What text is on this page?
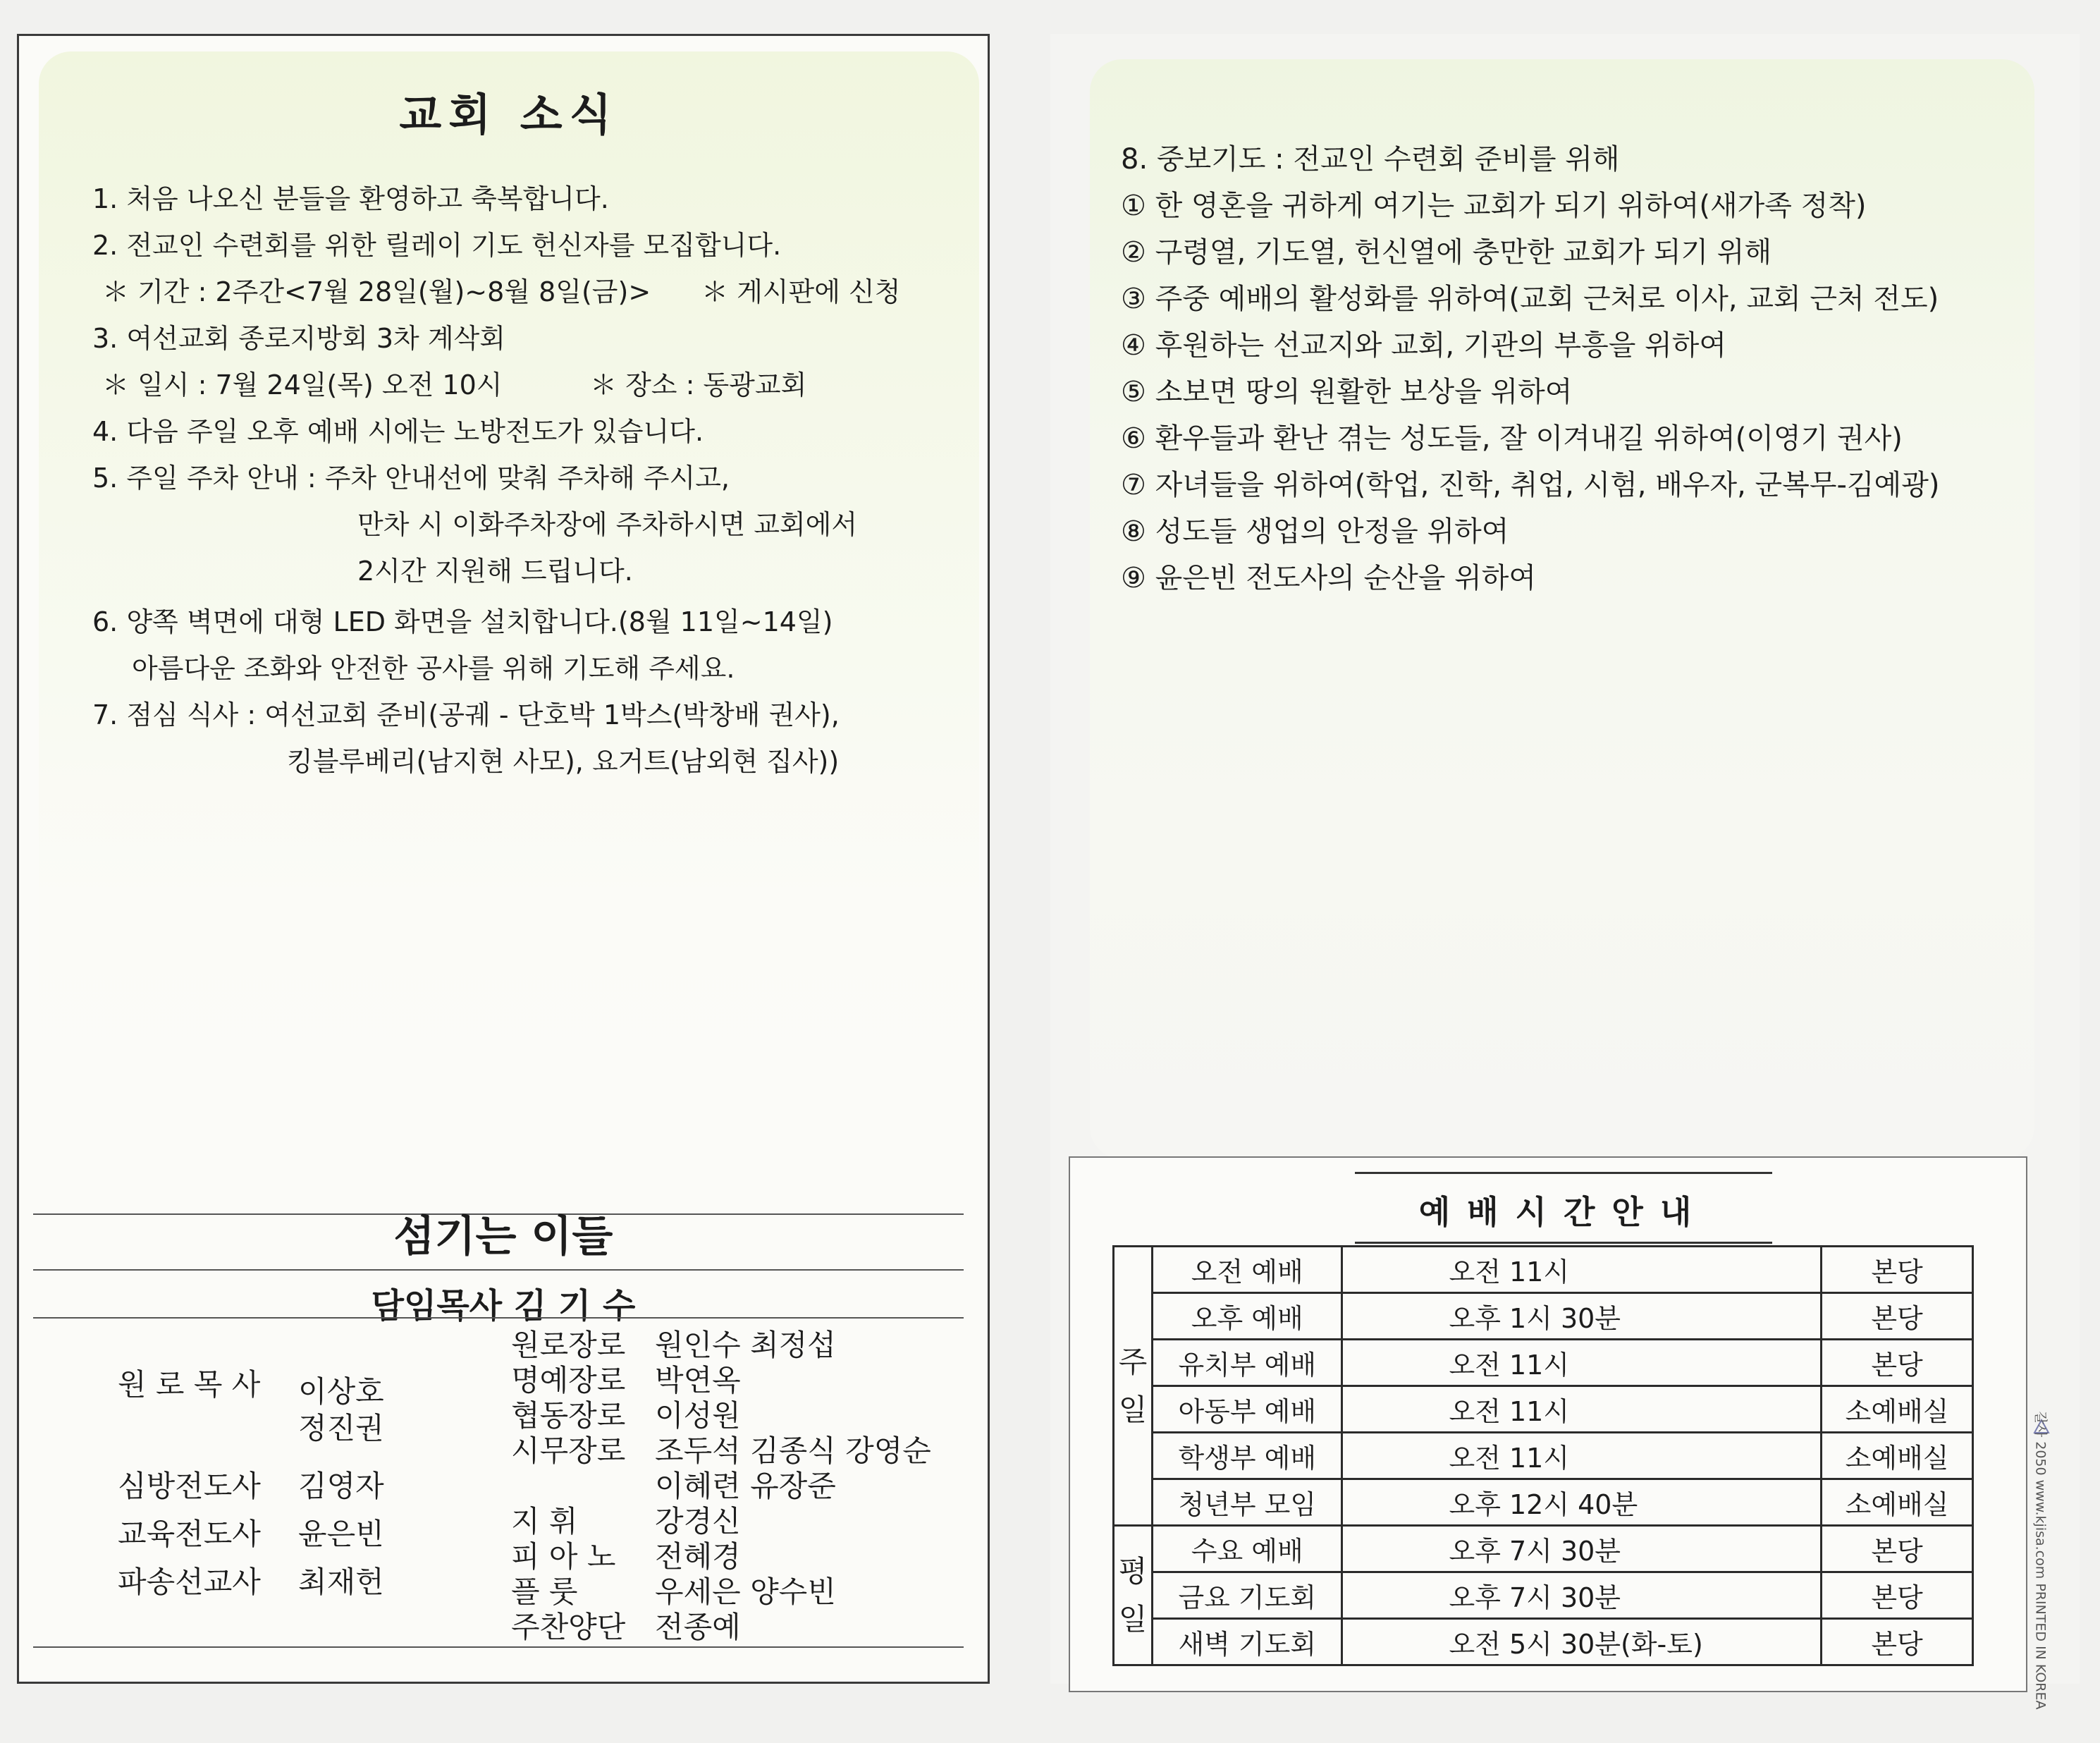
교회 소식
1. 처음 나오신 분들을 환영하고 축복합니다.
2. 전교인 수련회를 위한 릴레이 기도 헌신자를 모집합니다.
＊ 기간 : 2주간<7월 28일(월)~8월 8일(금)> ＊ 게시판에 신청
3. 여선교회 종로지방회 3차 계삭회
＊ 일시 : 7월 24일(목) 오전 10시	＊ 장소 : 동광교회
4. 다음 주일 오후 예배 시에는 노방전도가 있습니다.
5. 주일 주차 안내 : 주차 안내선에 맞춰 주차해 주시고,
만차 시 이화주차장에 주차하시면 교회에서
2시간 지원해 드립니다.
6. 양쪽 벽면에 대형 LED 화면을 설치합니다.(8월 11일~14일)
아름다운 조화와 안전한 공사를 위해 기도해 주세요.
7. 점심 식사 : 여선교회 준비(공궤 - 단호박 1박스(박창배 권사),
킹블루베리(남지현 사모), 요거트(남외현 집사))
섬기는 이들
담임목사 김 기 수
원 로 목 사 이상호
정진권
심방전도사 김영자
교육전도사 윤은빈
파송선교사 최재헌
원로장로 원인수 최정섭
명예장로 박연옥
협동장로 이성원
시무장로 조두석 김종식 강영순
이혜련 유장준
지 휘	강경신
피 아 노 전혜경
플 룻	우세은 양수빈
주찬양단 전종예
8. 중보기도 : 전교인 수련회 준비를 위해
① 한 영혼을 귀하게 여기는 교회가 되기 위하여(새가족 정착)
② 구령열, 기도열, 헌신열에 충만한 교회가 되기 위해
③ 주중 예배의 활성화를 위하여(교회 근처로 이사, 교회 근처 전도)
④ 후원하는 선교지와 교회, 기관의 부흥을 위하여
⑤ 소보면 땅의 원활한 보상을 위하여
⑥ 환우들과 환난 겪는 성도들, 잘 이겨내길 위하여(이영기 권사)
⑦ 자녀들을 위하여(학업, 진학, 취업, 시험, 배우자, 군복무-김예광)
⑧ 성도들 생업의 안정을 위하여
⑨ 윤은빈 전도사의 순산을 위하여
예배시간안내
주
일	오전 예배	오전 11시	본당
	오후 예배	오후 1시 30분	본당
	유치부 예배	오전 11시	본당
	아동부 예배	오전 11시	소예배실
	학생부 예배	오전 11시	소예배실
	청년부 모임	오후 12시 40분	소예배실
평
일	수요 예배	오후 7시 30분	본당
	금요 기도회	오후 7시 30분	본당
	새벽 기도회	오전 5시 30분(화-토)	본당	갈사 2050 www.kjisa.com PRINTED IN KOREA
